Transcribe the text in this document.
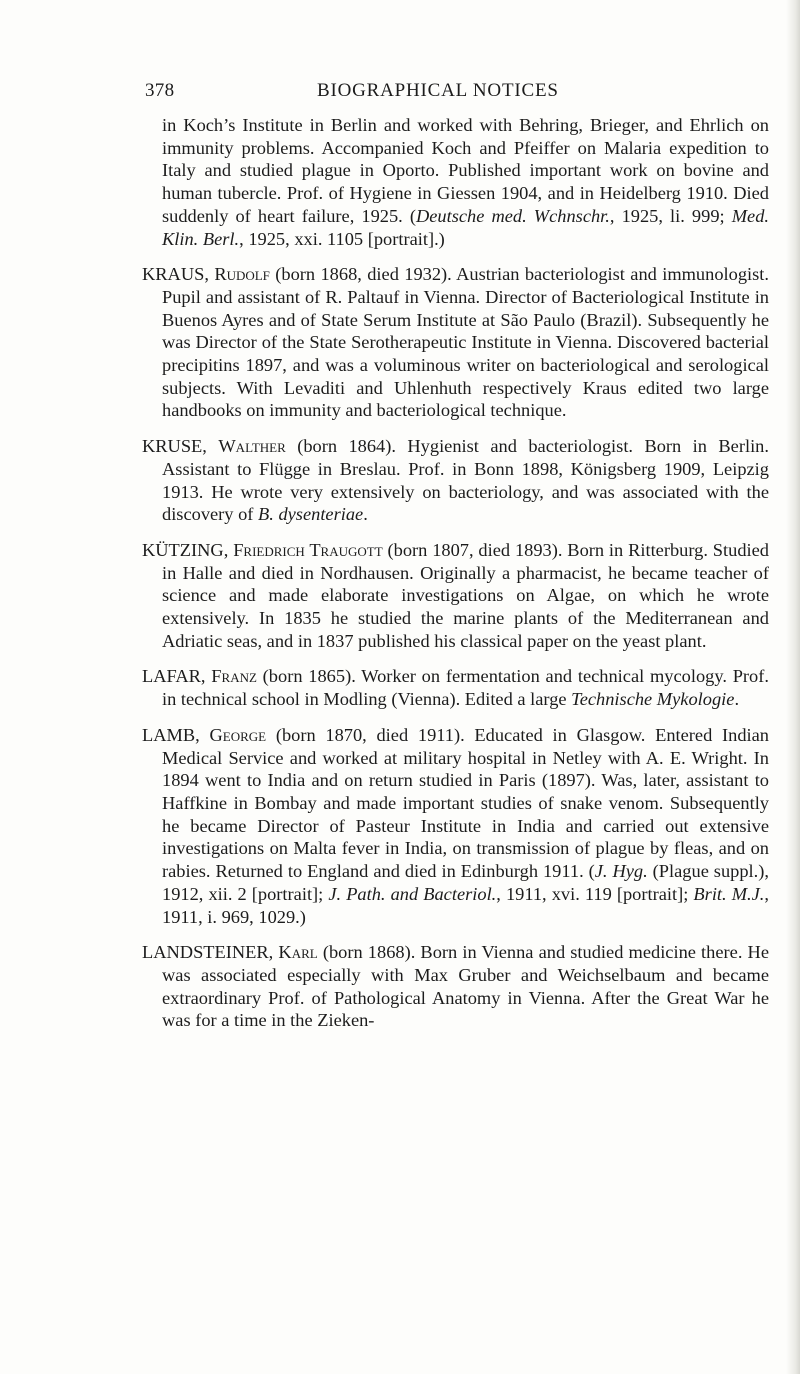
378	BIOGRAPHICAL NOTICES

in Koch’s Institute in Berlin and worked with Behring, Brieger, and Ehrlich on immunity problems. Accompanied Koch and Pfeiffer on Malaria expedition to Italy and studied plague in Oporto. Published important work on bovine and human tubercle. Prof. of Hygiene in Giessen 1904, and in Heidelberg 1910. Died suddenly of heart failure, 1925. (Deutsche med. Wchnschr., 1925, li. 999; Med. Klin. Berl., 1925, xxi. 1105 [portrait].)

KRAUS, Rudolf (born 1868, died 1932). Austrian bacteriologist and immunologist. Pupil and assistant of R. Paltauf in Vienna. Director of Bacteriological Institute in Buenos Ayres and of State Serum Institute at São Paulo (Brazil). Subsequently he was Director of the State Serotherapeutic Institute in Vienna. Discovered bacterial precipitins 1897, and was a voluminous writer on bacteriological and serological subjects. With Levaditi and Uhlenhuth respectively Kraus edited two large handbooks on immunity and bacteriological technique.

KRUSE, Walther (born 1864). Hygienist and bacteriologist. Born in Berlin. Assistant to Flügge in Breslau. Prof. in Bonn 1898, Königsberg 1909, Leipzig 1913. He wrote very extensively on bacteriology, and was associated with the discovery of B. dysenteriae.

KÜTZING, Friedrich Traugott (born 1807, died 1893). Born in Ritterburg. Studied in Halle and died in Nordhausen. Originally a pharmacist, he became teacher of science and made elaborate investigations on Algae, on which he wrote extensively. In 1835 he studied the marine plants of the Mediterranean and Adriatic seas, and in 1837 published his classical paper on the yeast plant.

LAFAR, Franz (born 1865). Worker on fermentation and technical mycology. Prof. in technical school in Modling (Vienna). Edited a large Technische Mykologie.

LAMB, George (born 1870, died 1911). Educated in Glasgow. Entered Indian Medical Service and worked at military hospital in Netley with A. E. Wright. In 1894 went to India and on return studied in Paris (1897). Was, later, assistant to Haffkine in Bombay and made important studies of snake venom. Subsequently he became Director of Pasteur Institute in India and carried out extensive investigations on Malta fever in India, on transmission of plague by fleas, and on rabies. Returned to England and died in Edinburgh 1911. (J. Hyg. (Plague suppl.), 1912, xii. 2 [portrait]; J. Path. and Bacteriol., 1911, xvi. 119 [portrait]; Brit. M.J., 1911, i. 969, 1029.)

LANDSTEINER, Karl (born 1868). Born in Vienna and studied medicine there. He was associated especially with Max Gruber and Weichselbaum and became extraordinary Prof. of Pathological Anatomy in Vienna. After the Great War he was for a time in the Zieken-
